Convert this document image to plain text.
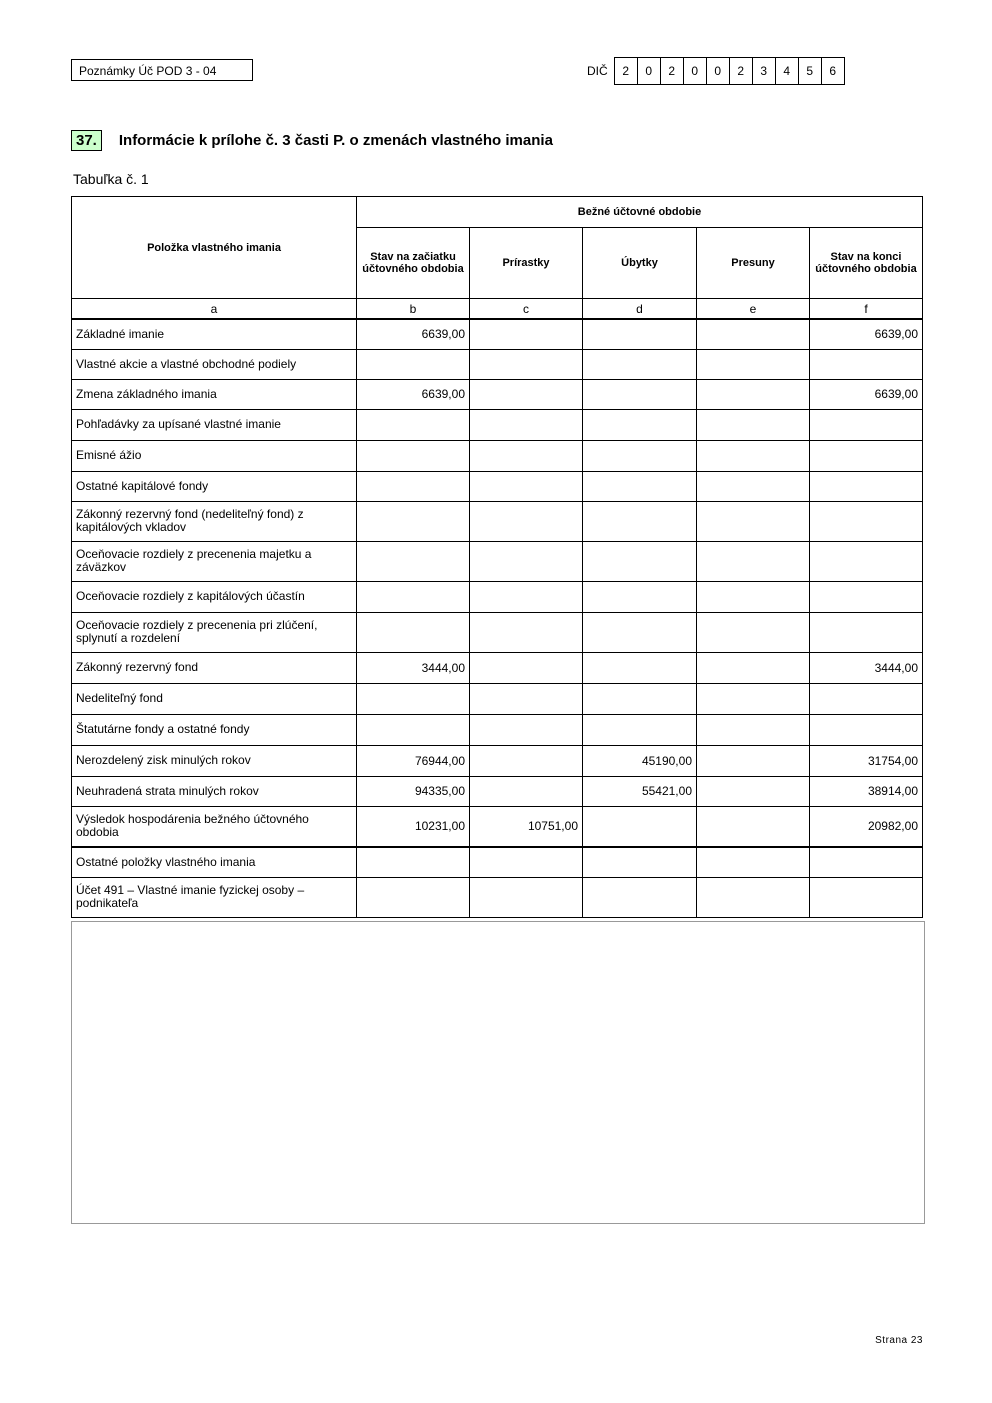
Poznámky Úč POD 3 - 04	DIČ	2	0	2	0	0	2	3	4	5	6
37.	Informácie k prílohe č. 3 časti P. o zmenách vlastného imania
Tabuľka č. 1
Položka vlastného imania	Bežné účtovné obdobie				
	Stav na začiatku účtovného obdobia	Prírastky	Úbytky	Presuny	Stav na konci účtovného obdobia
a	b	c	d	e	f
Základné imanie	6639,00				6639,00
Vlastné akcie a vlastné obchodné podiely					
Zmena základného imania	6639,00				6639,00
Pohľadávky za upísané vlastné imanie					
Emisné ážio					
Ostatné kapitálové fondy					
Zákonný rezervný fond (nedeliteľný fond) z kapitálových vkladov					
Oceňovacie rozdiely z precenenia majetku a záväzkov					
Oceňovacie rozdiely z kapitálových účastín					
Oceňovacie rozdiely z precenenia pri zlúčení, splynutí a rozdelení					
Zákonný rezervný fond	3444,00				3444,00
Nedeliteľný fond					
Štatutárne fondy a ostatné fondy					
Nerozdelený zisk minulých rokov	76944,00		45190,00		31754,00
Neuhradená strata minulých rokov	94335,00		55421,00		38914,00
Výsledok hospodárenia bežného účtovného obdobia	10231,00	10751,00			20982,00
Ostatné položky vlastného imania					
Účet 491 – Vlastné imanie fyzickej osoby – podnikateľa					
Strana 23
